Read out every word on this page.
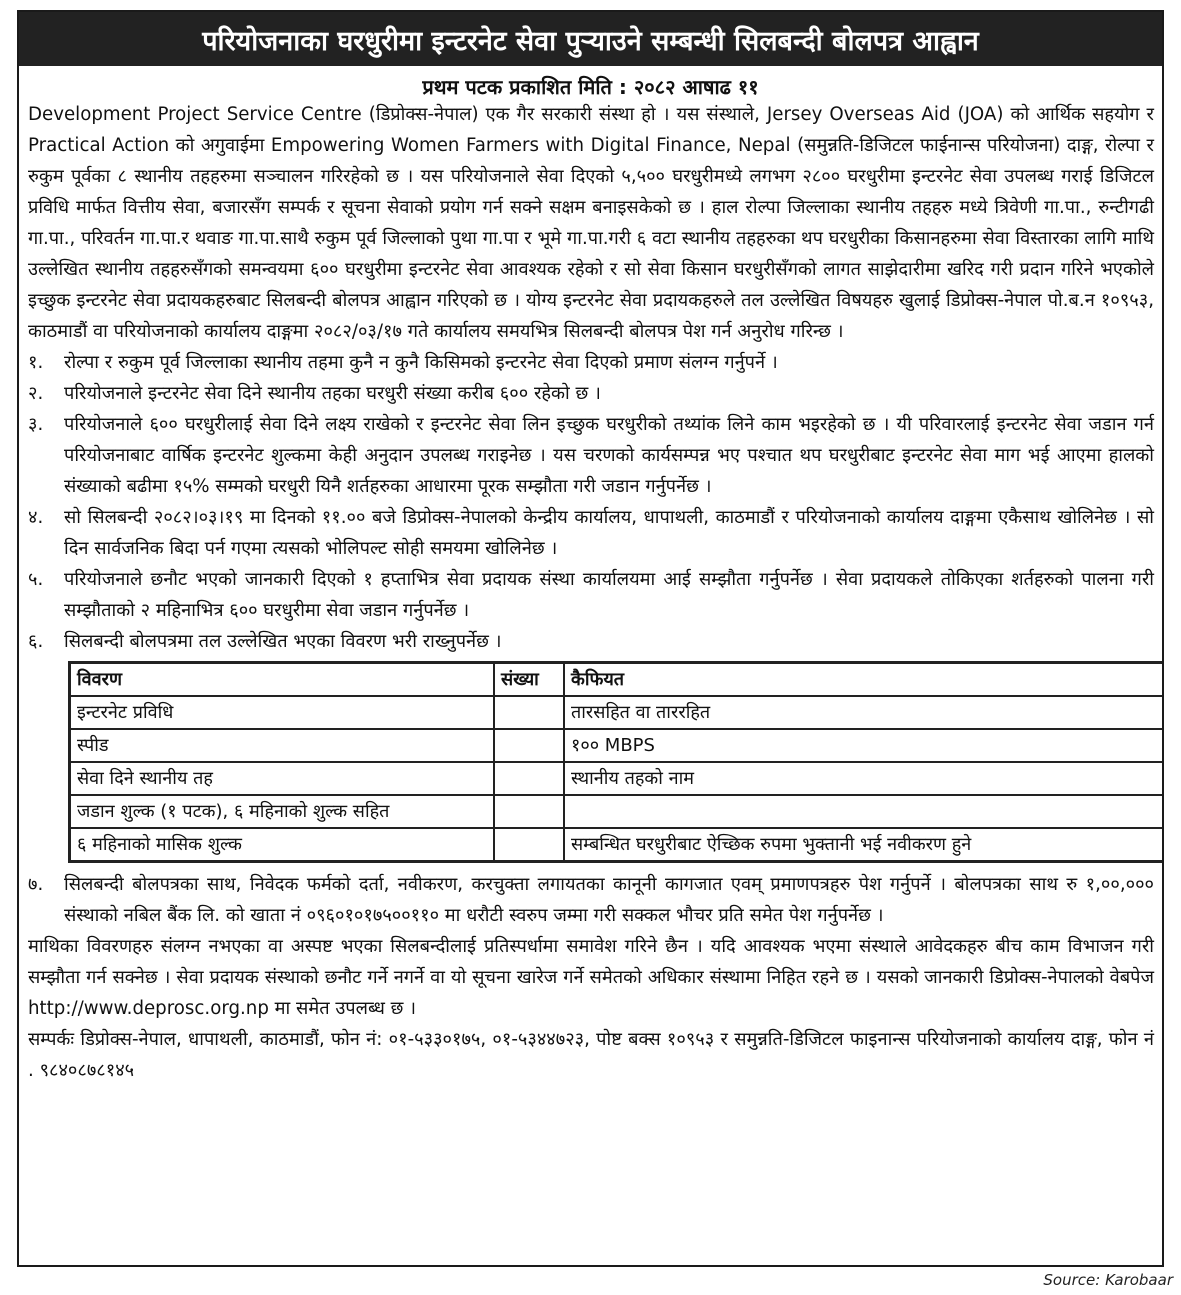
परियोजनाका घरधुरीमा इन्टरनेट सेवा पुऱ्याउने सम्बन्धी सिलबन्दी बोलपत्र आह्वान
प्रथम पटक प्रकाशित मिति : २०८२ आषाढ ११

Development Project Service Centre (डिप्रोक्स-नेपाल) एक गैर सरकारी संस्था हो । यस संस्थाले, Jersey Overseas Aid (JOA) को आर्थिक सहयोग र Practical Action को अगुवाईमा Empowering Women Farmers with Digital Finance, Nepal (समुन्नति-डिजिटल फाईनान्स परियोजना) दाङ्ग, रोल्पा र रुकुम पूर्वका ८ स्थानीय तहहरुमा सञ्चालन गरिरहेको छ । यस परियोजनाले सेवा दिएको ५,५०० घरधुरीमध्ये लगभग २८०० घरधुरीमा इन्टरनेट सेवा उपलब्ध गराई डिजिटल प्रविधि मार्फत वित्तीय सेवा, बजारसँग सम्पर्क र सूचना सेवाको प्रयोग गर्न सक्ने सक्षम बनाइसकेको छ । हाल रोल्पा जिल्लाका स्थानीय तहहरु मध्ये त्रिवेणी गा.पा., रुन्टीगढी गा.पा., परिवर्तन गा.पा.र थवाङ गा.पा.साथै रुकुम पूर्व जिल्लाको पुथा गा.पा र भूमे गा.पा.गरी ६ वटा स्थानीय तहहरुका थप घरधुरीका किसानहरुमा सेवा विस्तारका लागि माथि उल्लेखित स्थानीय तहहरुसँगको समन्वयमा ६०० घरधुरीमा इन्टरनेट सेवा आवश्यक रहेको र सो सेवा किसान घरधुरीसँगको लागत साझेदारीमा खरिद गरी प्रदान गरिने भएकोले इच्छुक इन्टरनेट सेवा प्रदायकहरुबाट सिलबन्दी बोलपत्र आह्वान गरिएको छ । योग्य इन्टरनेट सेवा प्रदायकहरुले तल उल्लेखित विषयहरु खुलाई डिप्रोक्स-नेपाल पो.ब.न १०९५३, काठमाडौं वा परियोजनाको कार्यालय दाङ्गमा २०८२/०३/१७ गते कार्यालय समयभित्र सिलबन्दी बोलपत्र पेश गर्न अनुरोध गरिन्छ ।

१.	रोल्पा र रुकुम पूर्व जिल्लाका स्थानीय तहमा कुनै न कुनै किसिमको इन्टरनेट सेवा दिएको प्रमाण संलग्न गर्नुपर्ने ।
२.	परियोजनाले इन्टरनेट सेवा दिने स्थानीय तहका घरधुरी संख्या करीब ६०० रहेको छ ।
३.	परियोजनाले ६०० घरधुरीलाई सेवा दिने लक्ष्य राखेको र इन्टरनेट सेवा लिन इच्छुक घरधुरीको तथ्यांक लिने काम भइरहेको छ । यी परिवारलाई इन्टरनेट सेवा जडान गर्न परियोजनाबाट वार्षिक इन्टरनेट शुल्कमा केही अनुदान उपलब्ध गराइनेछ । यस चरणको कार्यसम्पन्न भए पश्चात थप घरधुरीबाट इन्टरनेट सेवा माग भई आएमा हालको संख्याको बढीमा १५% सम्मको घरधुरी यिनै शर्तहरुका आधारमा पूरक सम्झौता गरी जडान गर्नुपर्नेछ ।
४.	सो सिलबन्दी २०८२।०३।१९ मा दिनको ११.०० बजे डिप्रोक्स-नेपालको केन्द्रीय कार्यालय, धापाथली, काठमाडौं र परियोजनाको कार्यालय दाङ्गमा एकैसाथ खोलिनेछ । सो दिन सार्वजनिक बिदा पर्न गएमा त्यसको भोलिपल्ट सोही समयमा खोलिनेछ ।
५.	परियोजनाले छनौट भएको जानकारी दिएको १ हप्ताभित्र सेवा प्रदायक संस्था कार्यालयमा आई सम्झौता गर्नुपर्नेछ । सेवा प्रदायकले तोकिएका शर्तहरुको पालना गरी सम्झौताको २ महिनाभित्र ६०० घरधुरीमा सेवा जडान गर्नुपर्नेछ ।
६.	सिलबन्दी बोलपत्रमा तल उल्लेखित भएका विवरण भरी राख्नुपर्नेछ ।
विवरण	संख्या	कैफियत
इन्टरनेट प्रविधि		तारसहित वा ताररहित
स्पीड		१०० MBPS
सेवा दिने स्थानीय तह		स्थानीय तहको नाम
जडान शुल्क (१ पटक), ६ महिनाको शुल्क सहित		
६ महिनाको मासिक शुल्क		सम्बन्धित घरधुरीबाट ऐच्छिक रुपमा भुक्तानी भई नवीकरण हुने
७.	सिलबन्दी बोलपत्रका साथ, निवेदक फर्मको दर्ता, नवीकरण, करचुक्ता लगायतका कानूनी कागजात एवम् प्रमाणपत्रहरु पेश गर्नुपर्ने । बोलपत्रका साथ रु १,००,००० संस्थाको नबिल बैंक लि. को खाता नं ०९६०१०१७५००११० मा धरौटी स्वरुप जम्मा गरी सक्कल भौचर प्रति समेत पेश गर्नुपर्नेछ ।

माथिका विवरणहरु संलग्न नभएका वा अस्पष्ट भएका सिलबन्दीलाई प्रतिस्पर्धामा समावेश गरिने छैन । यदि आवश्यक भएमा संस्थाले आवेदकहरु बीच काम विभाजन गरी सम्झौता गर्न सक्नेछ । सेवा प्रदायक संस्थाको छनौट गर्ने नगर्ने वा यो सूचना खारेज गर्ने समेतको अधिकार संस्थामा निहित रहने छ । यसको जानकारी डिप्रोक्स-नेपालको वेबपेज http://www.deprosc.org.np मा समेत उपलब्ध छ ।

सम्पर्कः डिप्रोक्स-नेपाल, धापाथली, काठमाडौं, फोन नं: ०१-५३३०१७५, ०१-५३४४७२३, पोष्ट बक्स १०९५३ र समुन्नति-डिजिटल फाइनान्स परियोजनाको कार्यालय दाङ्ग, फोन नं . ९८४०८७८१४५

Source: Karobaar
